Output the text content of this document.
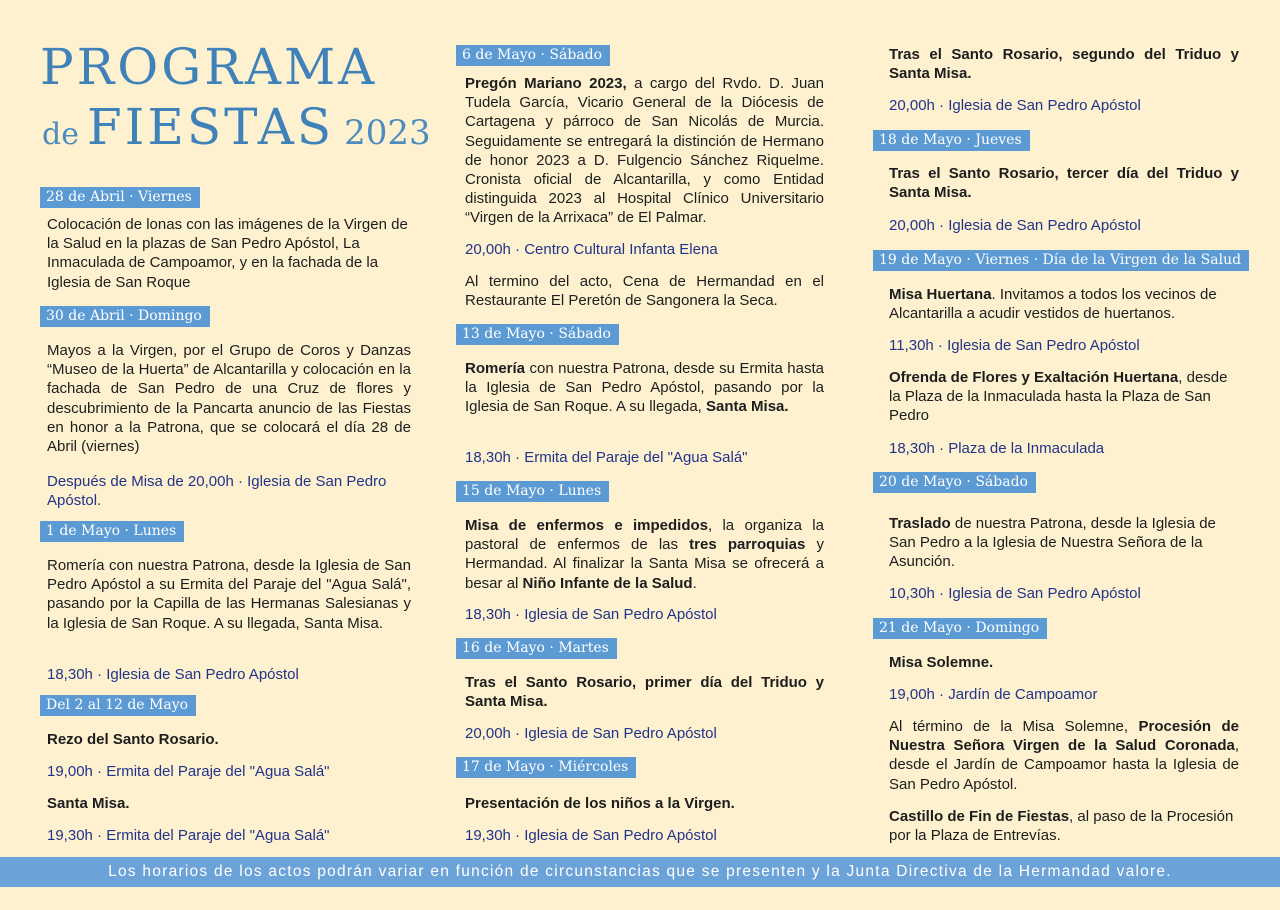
PROGRAMA
de FIESTAS 2023
28 de Abril · Viernes

Colocación de lonas con las imágenes de la Virgen de la Salud en la plazas de San Pedro Apóstol, La Inmaculada de Campoamor, y en la fachada de la Iglesia de San Roque

30 de Abril · Domingo

Mayos a la Virgen, por el Grupo de Coros y Danzas “Museo de la Huerta” de Alcantarilla y colocación en la fachada de San Pedro de una Cruz de flores y descubrimiento de la Pancarta anuncio de las Fiestas en honor a la Patrona, que se colocará el día 28 de Abril (viernes)

Después de Misa de 20,00h · Iglesia de San Pedro Apóstol.

1 de Mayo · Lunes

Romería con nuestra Patrona, desde la Iglesia de San Pedro Apóstol a su Ermita del Paraje del "Agua Salá", pasando por la Capilla de las Hermanas Salesianas y la Iglesia de San Roque. A su llegada, Santa Misa.

18,30h · Iglesia de San Pedro Apóstol

Del 2 al 12 de Mayo

Rezo del Santo Rosario.

19,00h · Ermita del Paraje del "Agua Salá"

Santa Misa.

19,30h · Ermita del Paraje del "Agua Salá"

6 de Mayo · Sábado

Pregón Mariano 2023, a cargo del Rvdo. D. Juan Tudela García, Vicario General de la Diócesis de Cartagena y párroco de San Nicolás de Murcia. Seguidamente se entregará la distinción de Hermano de honor 2023 a D. Fulgencio Sánchez Riquelme. Cronista oficial de Alcantarilla, y como Entidad distinguida 2023 al Hospital Clínico Universitario “Virgen de la Arrixaca” de El Palmar.

20,00h · Centro Cultural Infanta Elena

Al termino del acto, Cena de Hermandad en el Restaurante El Peretón de Sangonera la Seca.

13 de Mayo · Sábado

Romería con nuestra Patrona, desde su Ermita hasta la Iglesia de San Pedro Apóstol, pasando por la Iglesia de San Roque. A su llegada, Santa Misa.

18,30h · Ermita del Paraje del "Agua Salá"

15 de Mayo · Lunes

Misa de enfermos e impedidos, la organiza la pastoral de enfermos de las tres parroquias y Hermandad. Al finalizar la Santa Misa se ofrecerá a besar al Niño Infante de la Salud.

18,30h · Iglesia de San Pedro Apóstol

16 de Mayo · Martes

Tras el Santo Rosario, primer día del Triduo y Santa Misa.

20,00h · Iglesia de San Pedro Apóstol

17 de Mayo · Miércoles

Presentación de los niños a la Virgen.

19,30h · Iglesia de San Pedro Apóstol

Tras el Santo Rosario, segundo del Triduo y Santa Misa.

20,00h · Iglesia de San Pedro Apóstol

18 de Mayo · Jueves

Tras el Santo Rosario, tercer día del Triduo y Santa Misa.

20,00h · Iglesia de San Pedro Apóstol

19 de Mayo · Viernes · Día de la Virgen de la Salud

Misa Huertana. Invitamos a todos los vecinos de Alcantarilla a acudir vestidos de huertanos.

11,30h · Iglesia de San Pedro Apóstol

Ofrenda de Flores y Exaltación Huertana, desde la Plaza de la Inmaculada hasta la Plaza de San Pedro

18,30h · Plaza de la Inmaculada

20 de Mayo · Sábado

Traslado de nuestra Patrona, desde la Iglesia de San Pedro a la Iglesia de Nuestra Señora de la Asunción.

10,30h · Iglesia de San Pedro Apóstol

21 de Mayo · Domingo

Misa Solemne.

19,00h · Jardín de Campoamor

Al término de la Misa Solemne, Procesión de Nuestra Señora Virgen de la Salud Coronada, desde el Jardín de Campoamor hasta la Iglesia de San Pedro Apóstol.

Castillo de Fin de Fiestas, al paso de la Procesión por la Plaza de Entrevías.

Los horarios de los actos podrán variar en función de circunstancias que se presenten y la Junta Directiva de la Hermandad valore.
